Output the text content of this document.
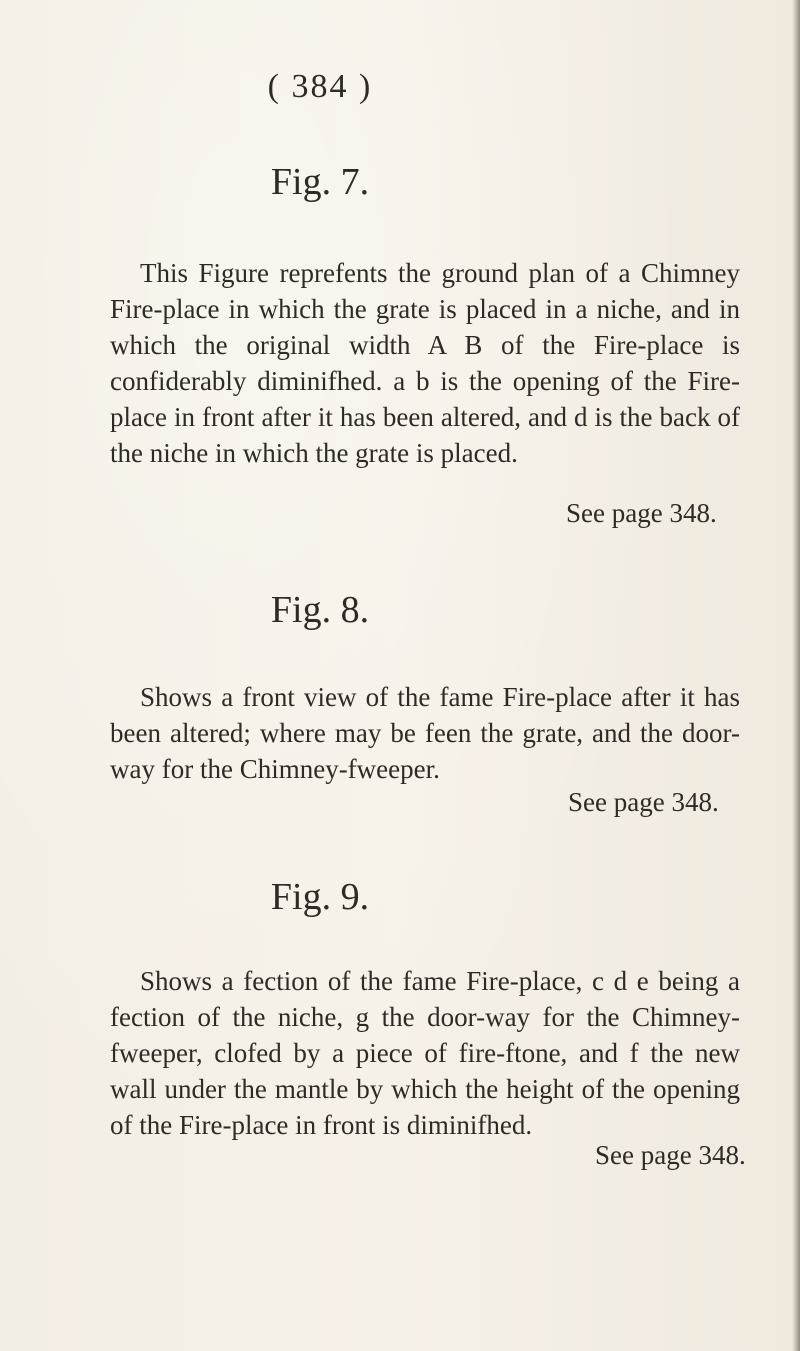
( 384 )
Fig. 7.

This Figure reprefents the ground plan of a Chimney Fire-place in which the grate is placed in a niche, and in which the original width A B of the Fire-place is confiderably diminifhed. a b is the opening of the Fire-place in front after it has been altered, and d is the back of the niche in which the grate is placed.

See page 348.
Fig. 8.

Shows a front view of the fame Fire-place after it has been altered; where may be feen the grate, and the door-way for the Chimney-fweeper.

See page 348.
Fig. 9.

Shows a fection of the fame Fire-place, c d e being a fection of the niche, g the door-way for the Chimney-fweeper, clofed by a piece of fire-ftone, and f the new wall under the mantle by which the height of the opening of the Fire-place in front is diminifhed.

See page 348.
